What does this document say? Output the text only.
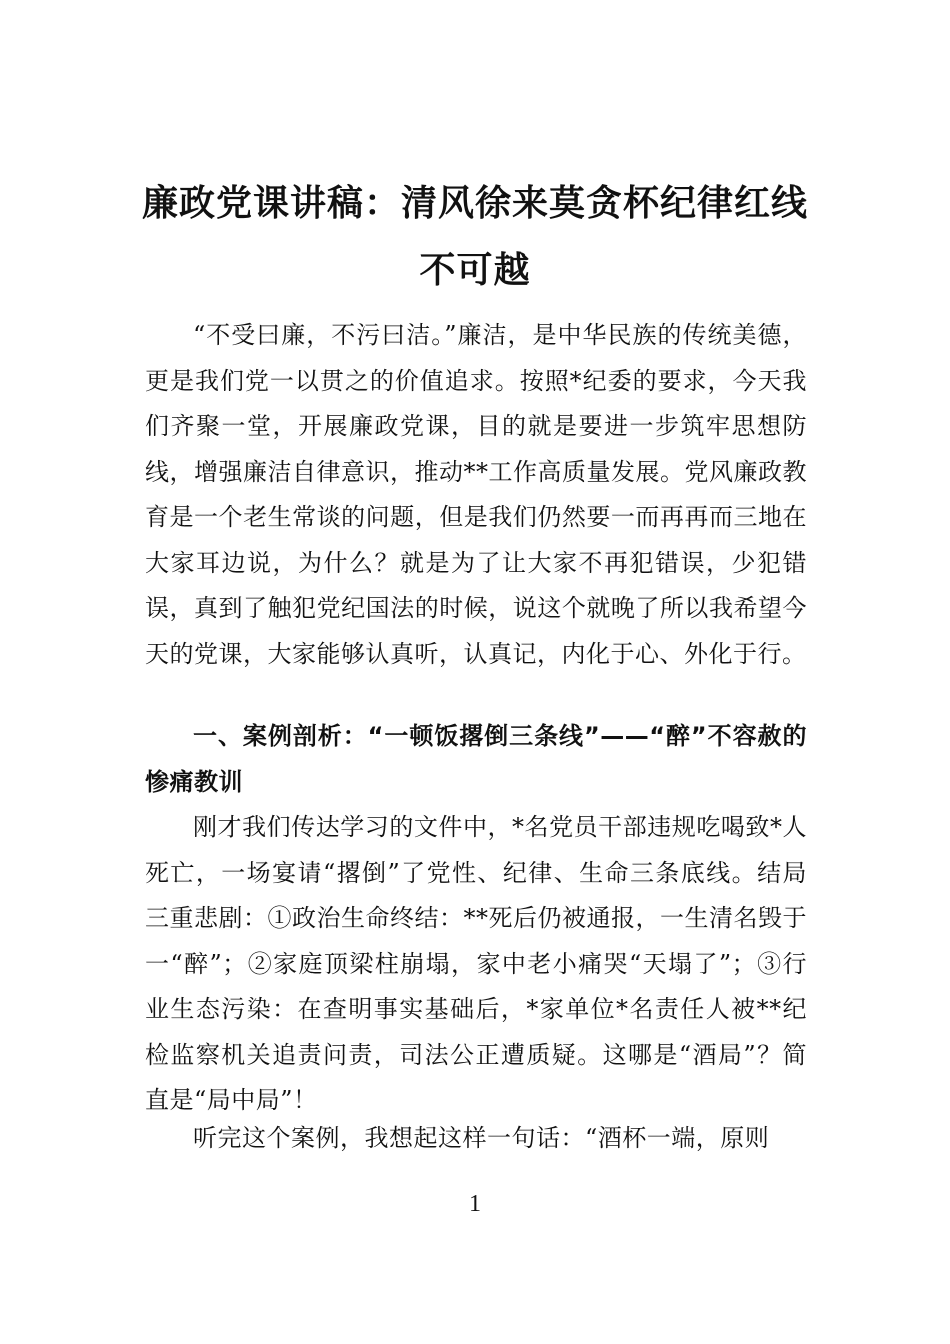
廉政党课讲稿：清风徐来莫贪杯纪律红线
不可越

“不受曰廉，不污曰洁。”廉洁，是中华民族的传统美德，更是我们党一以贯之的价值追求。按照*纪委的要求，今天我们齐聚一堂，开展廉政党课，目的就是要进一步筑牢思想防线，增强廉洁自律意识，推动**工作高质量发展。党风廉政教育是一个老生常谈的问题，但是我们仍然要一而再再而三地在大家耳边说，为什么？就是为了让大家不再犯错误，少犯错误，真到了触犯党纪国法的时候，说这个就晚了所以我希望今天的党课，大家能够认真听，认真记，内化于心、外化于行。

一、案例剖析：“一顿饭撂倒三条线”——“醉”不容赦的惨痛教训

刚才我们传达学习的文件中，*名党员干部违规吃喝致*人死亡，一场宴请“撂倒”了党性、纪律、生命三条底线。结局三重悲剧：①政治生命终结：**死后仍被通报，一生清名毁于一“醉”；②家庭顶梁柱崩塌，家中老小痛哭“天塌了”；③行业生态污染：在查明事实基础后，*家单位*名责任人被**纪检监察机关追责问责，司法公正遭质疑。这哪是“酒局”？简直是“局中局”！

听完这个案例，我想起这样一句话：“酒杯一端，原则

1
